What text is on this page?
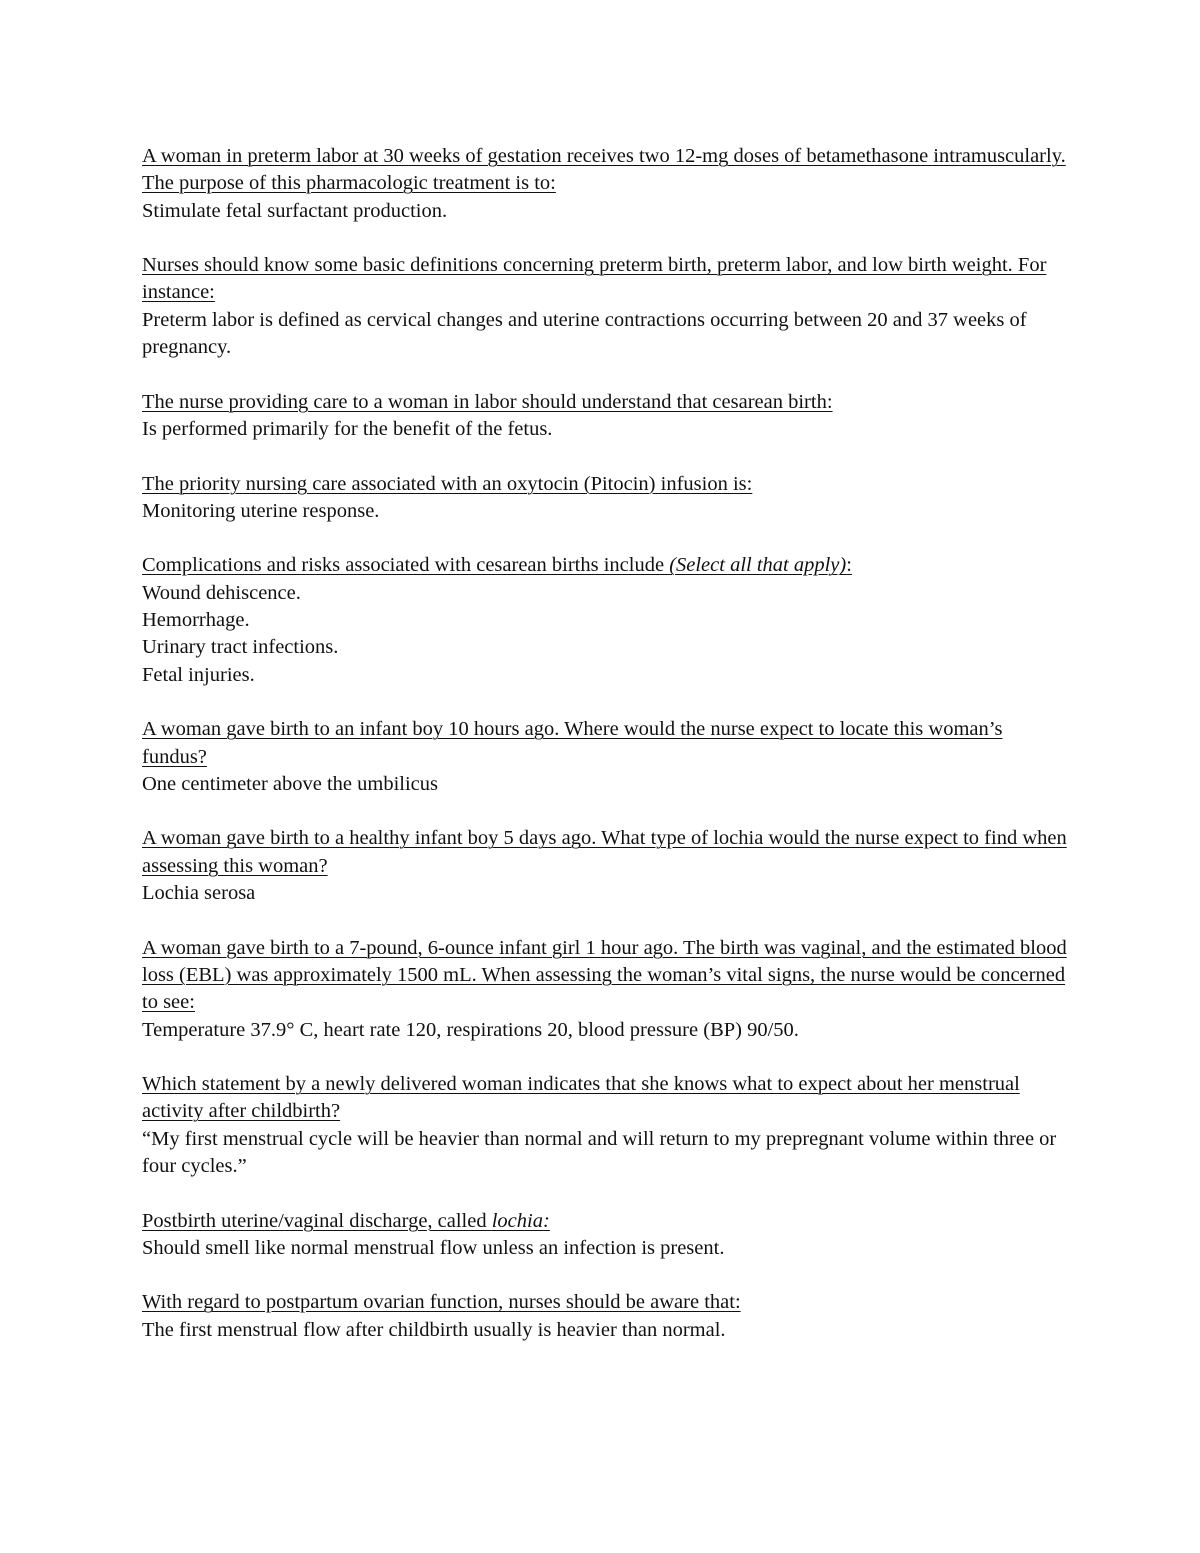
A woman in preterm labor at 30 weeks of gestation receives two 12-mg doses of betamethasone intramuscularly. The purpose of this pharmacologic treatment is to:
Stimulate fetal surfactant production.
Nurses should know some basic definitions concerning preterm birth, preterm labor, and low birth weight. For instance:
Preterm labor is defined as cervical changes and uterine contractions occurring between 20 and 37 weeks of pregnancy.
The nurse providing care to a woman in labor should understand that cesarean birth:
Is performed primarily for the benefit of the fetus.
The priority nursing care associated with an oxytocin (Pitocin) infusion is:
Monitoring uterine response.
Complications and risks associated with cesarean births include (Select all that apply):
Wound dehiscence.
Hemorrhage.
Urinary tract infections.
Fetal injuries.
A woman gave birth to an infant boy 10 hours ago. Where would the nurse expect to locate this woman’s fundus?
One centimeter above the umbilicus
A woman gave birth to a healthy infant boy 5 days ago. What type of lochia would the nurse expect to find when assessing this woman?
Lochia serosa
A woman gave birth to a 7-pound, 6-ounce infant girl 1 hour ago. The birth was vaginal, and the estimated blood loss (EBL) was approximately 1500 mL. When assessing the woman’s vital signs, the nurse would be concerned to see:
Temperature 37.9° C, heart rate 120, respirations 20, blood pressure (BP) 90/50.
Which statement by a newly delivered woman indicates that she knows what to expect about her menstrual activity after childbirth?
“My first menstrual cycle will be heavier than normal and will return to my prepregnant volume within three or four cycles.”
Postbirth uterine/vaginal discharge, called lochia:
Should smell like normal menstrual flow unless an infection is present.
With regard to postpartum ovarian function, nurses should be aware that:
The first menstrual flow after childbirth usually is heavier than normal.
